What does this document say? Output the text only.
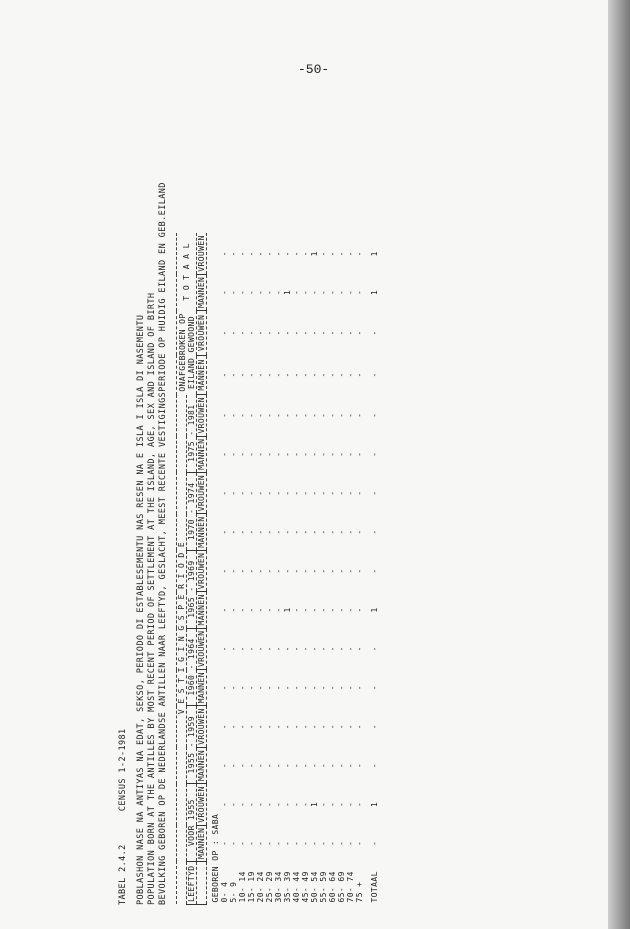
-50-
TABEL 2.4.2      CENSUS 1-2-1981 POBLASHON NASE NA ANTIYAS NA EDAT, SEKSO, PERIODO DI ESTABLESEMENTU NAS RESEN NA E ISLA I ISLA DI NASEMENTU POPULATION BORN AT THE ANTILLES BY MOST RECENT PERIOD OF SETTLEMENT AT THE ISLAND, AGE, SEX AND ISLAND OF BIRTH BEVOLKING GEBOREN OP DE NEDERLANDSE ANTILLEN NAAR LEEFTYD, GESLACHT, MEEST RECENTE VESTIGINGSPERIODE OP HUIDIG EILAND EN GEB.EILAND
	V E S T I G I N G S P E R I O D E												ONAFGEBROKEN OP EILAND GEWOOND		T O T A A L	
LEEFTYD	VOOR 1955		1955 - 1959		1960 - 1964		1965 - 1969		1970 - 1974		1975 - 1981					
	MANNEN	VROUWEN	MANNEN	VROUWEN	MANNEN	VROUWEN	MANNEN	VROUWEN	MANNEN	VROUWEN	MANNEN	VROUWEN	MANNEN	VROUWEN	MANNEN	VROUWEN
GEBOREN OP : SABA																
0- 4	-	-	-	-	-	-	-	-	-	-	-	-	-	-	-	-
5- 9	-	-	-	-	-	-	-	-	-	-	-	-	-	-	-	-
10- 14	-	-	-	-	-	-	-	-	-	-	-	-	-	-	-	-
15- 19	-	-	-	-	-	-	-	-	-	-	-	-	-	-	-	-
20- 24	-	-	-	-	-	-	-	-	-	-	-	-	-	-	-	-
25- 29	-	-	-	-	-	-	-	-	-	-	-	-	-	-	-	-
30- 34	-	-	-	-	-	-	-	-	-	-	-	-	-	-	-	-
35- 39	-	-	-	-	-	-	1	-	-	-	-	-	-	-	1	-
40- 44	-	-	-	-	-	-	-	-	-	-	-	-	-	-	-	-
45- 49	-	-	-	-	-	-	-	-	-	-	-	-	-	-	-	-
50- 54	-	1	-	-	-	-	-	-	-	-	-	-	-	-	-	1
55- 59	-	-	-	-	-	-	-	-	-	-	-	-	-	-	-	-
60- 64	-	-	-	-	-	-	-	-	-	-	-	-	-	-	-	-
65- 69	-	-	-	-	-	-	-	-	-	-	-	-	-	-	-	-
70- 74	-	-	-	-	-	-	-	-	-	-	-	-	-	-	-	-
75 +	-	-	-	-	-	-	-	-	-	-	-	-	-	-	-	-

TOTAAL	-	1	-	-	-	-	1	-	-	-	-	-	-	-	1	1
